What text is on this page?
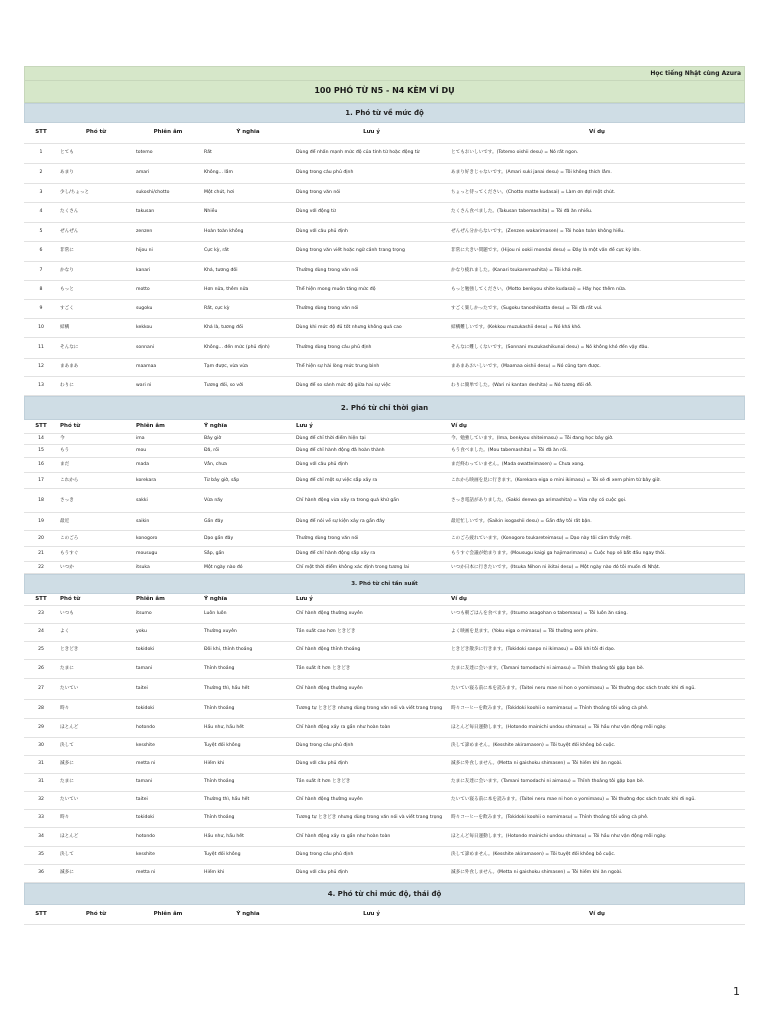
Học tiếng Nhật cùng Azura
100 PHÓ TỪ N5 - N4 KÈM VÍ DỤ
1. Phó từ về mức độ
STT	Phó từ	Phiên âm	Ý nghĩa	Lưu ý	Ví dụ
1	とても	totemo	Rất	Dùng để nhấn mạnh mức độ của tính từ hoặc động từ	とてもおいしいです。(Totemo oishii desu) = Nó rất ngon.
2	あまり	amari	Không... lắm	Dùng trong câu phủ định	あまり好きじゃないです。(Amari suki janai desu) = Tôi không thích lắm.
3	少し/ちょっと	sukoshi/chotto	Một chút, hơi	Dùng trong văn nói	ちょっと待ってください。(Chotto matte kudasai) = Làm ơn đợi một chút.
4	たくさん	takusan	Nhiều	Dùng với động từ	たくさん食べました。(Takusan tabemashita) = Tôi đã ăn nhiều.
5	ぜんぜん	zenzen	Hoàn toàn không	Dùng với câu phủ định	ぜんぜん分からないです。(Zenzen wakarimasen) = Tôi hoàn toàn không hiểu.
6	非常に	hijou ni	Cực kỳ, rất	Dùng trong văn viết hoặc ngữ cảnh trang trọng	非常に大きい問題です。(Hijou ni ookii mondai desu) = Đây là một vấn đề cực kỳ lớn.
7	かなり	kanari	Khá, tương đối	Thường dùng trong văn nói	かなり疲れました。(Kanari tsukaremashita) = Tôi khá mệt.
8	もっと	motto	Hơn nữa, thêm nữa	Thể hiện mong muốn tăng mức độ	もっと勉強してください。(Motto benkyou shite kudasai) = Hãy học thêm nữa.
9	すごく	sugoku	Rất, cực kỳ	Thường dùng trong văn nói	すごく楽しかったです。(Sugoku tanoshikatta desu) = Tôi đã rất vui.
10	結構	kekkou	Khá là, tương đối	Dùng khi mức độ đủ tốt nhưng không quá cao	結構難しいです。(Kekkou muzukashii desu) = Nó khá khó.
11	そんなに	sonnani	Không... đến mức (phủ định)	Thường dùng trong câu phủ định	そんなに難しくないです。(Sonnani muzukashikunai desu) = Nó không khó đến vậy đâu.
12	まあまあ	maamaa	Tạm được, vừa vừa	Thể hiện sự hài lòng mức trung bình	まあまあおいしいです。(Maamaa oishii desu) = Nó cũng tạm được.
13	わりに	wari ni	Tương đối, so với	Dùng để so sánh mức độ giữa hai sự việc	わりに簡単でした。(Wari ni kantan deshita) = Nó tương đối dễ.
2. Phó từ chỉ thời gian
STT	Phó từ	Phiên âm	Ý nghĩa	Lưu ý	Ví dụ
14	今	ima	Bây giờ	Dùng để chỉ thời điểm hiện tại	今、勉強しています。(Ima, benkyou shiteimasu) = Tôi đang học bây giờ.
15	もう	mou	Đã, rồi	Dùng để chỉ hành động đã hoàn thành	もう食べました。(Mou tabemashita) = Tôi đã ăn rồi.
16	まだ	mada	Vẫn, chưa	Dùng với câu phủ định	まだ終わっていません。(Mada owatteimasen) = Chưa xong.
17	これから	korekara	Từ bây giờ, sắp	Dùng để chỉ một sự việc sắp xảy ra	これから映画を見に行きます。(Korekara eiga o mini ikimasu) = Tôi sẽ đi xem phim từ bây giờ.
18	さっき	sakki	Vừa nãy	Chỉ hành động vừa xảy ra trong quá khứ gần	さっき電話がありました。(Sakki denwa ga arimashita) = Vừa nãy có cuộc gọi.
19	最近	saikin	Gần đây	Dùng để nói về sự kiện xảy ra gần đây	最近忙しいです。(Saikin isogashii desu) = Gần đây tôi rất bận.
20	このごろ	konogoro	Dạo gần đây	Thường dùng trong văn nói	このごろ疲れています。(Konogoro tsukareteimasu) = Dạo này tôi cảm thấy mệt.
21	もうすぐ	mousugu	Sắp, gần	Dùng để chỉ hành động sắp xảy ra	もうすぐ会議が始まります。(Mousugu kaigi ga hajimarimasu) = Cuộc họp sẽ bắt đầu ngay thôi.
22	いつか	itsuka	Một ngày nào đó	Chỉ một thời điểm không xác định trong tương lai	いつか日本に行きたいです。(Itsuka Nihon ni ikitai desu) = Một ngày nào đó tôi muốn đi Nhật.
3. Phó từ chỉ tần suất
STT	Phó từ	Phiên âm	Ý nghĩa	Lưu ý	Ví dụ
23	いつも	itsumo	Luôn luôn	Chỉ hành động thường xuyên	いつも朝ごはんを食べます。(Itsumo asagohan o tabemasu) = Tôi luôn ăn sáng.
24	よく	yoku	Thường xuyên	Tần suất cao hơn ときどき	よく映画を見ます。(Yoku eiga o mimasu) = Tôi thường xem phim.
25	ときどき	tokidoki	Đôi khi, thỉnh thoảng	Chỉ hành động thỉnh thoảng	ときどき散歩に行きます。(Tokidoki sanpo ni ikimasu) = Đôi khi tôi đi dạo.
26	たまに	tamani	Thỉnh thoảng	Tần suất ít hơn ときどき	たまに友達に会います。(Tamani tomodachi ni aimasu) = Thỉnh thoảng tôi gặp bạn bè.
27	たいてい	taitei	Thường thì, hầu hết	Chỉ hành động thường xuyên	たいてい寝る前に本を読みます。(Taitei neru mae ni hon o yomimasu) = Tôi thường đọc sách trước khi đi ngủ.
28	時々	tokidoki	Thỉnh thoảng	Tương tự ときどき nhưng dùng trong văn nói và viết trang trọng	時々コーヒーを飲みます。(Tokidoki koohii o nomimasu) = Thỉnh thoảng tôi uống cà phê.
29	ほとんど	hotondo	Hầu như, hầu hết	Chỉ hành động xảy ra gần như hoàn toàn	ほとんど毎日運動します。(Hotondo mainichi undou shimasu) = Tôi hầu như vận động mỗi ngày.
30	決して	kesshite	Tuyệt đối không	Dùng trong câu phủ định	決して諦めません。(Kesshite akiramasen) = Tôi tuyệt đối không bỏ cuộc.
31	滅多に	metta ni	Hiếm khi	Dùng với câu phủ định	滅多に外食しません。(Metta ni gaishoku shimasen) = Tôi hiếm khi ăn ngoài.
31	たまに	tamani	Thỉnh thoảng	Tần suất ít hơn ときどき	たまに友達に会います。(Tamani tomodachi ni aimasu) = Thỉnh thoảng tôi gặp bạn bè.
32	たいてい	taitei	Thường thì, hầu hết	Chỉ hành động thường xuyên	たいてい寝る前に本を読みます。(Taitei neru mae ni hon o yomimasu) = Tôi thường đọc sách trước khi đi ngủ.
33	時々	tokidoki	Thỉnh thoảng	Tương tự ときどき nhưng dùng trong văn nói và viết trang trọng	時々コーヒーを飲みます。(Tokidoki koohii o nomimasu) = Thỉnh thoảng tôi uống cà phê.
34	ほとんど	hotondo	Hầu như, hầu hết	Chỉ hành động xảy ra gần như hoàn toàn	ほとんど毎日運動します。(Hotondo mainichi undou shimasu) = Tôi hầu như vận động mỗi ngày.
35	決して	kesshite	Tuyệt đối không	Dùng trong câu phủ định	決して諦めません。(Kesshite akiramasen) = Tôi tuyệt đối không bỏ cuộc.
36	滅多に	metta ni	Hiếm khi	Dùng với câu phủ định	滅多に外食しません。(Metta ni gaishoku shimasen) = Tôi hiếm khi ăn ngoài.
4. Phó từ chỉ mức độ, thái độ
STT	Phó từ	Phiên âm	Ý nghĩa	Lưu ý	Ví dụ
1
